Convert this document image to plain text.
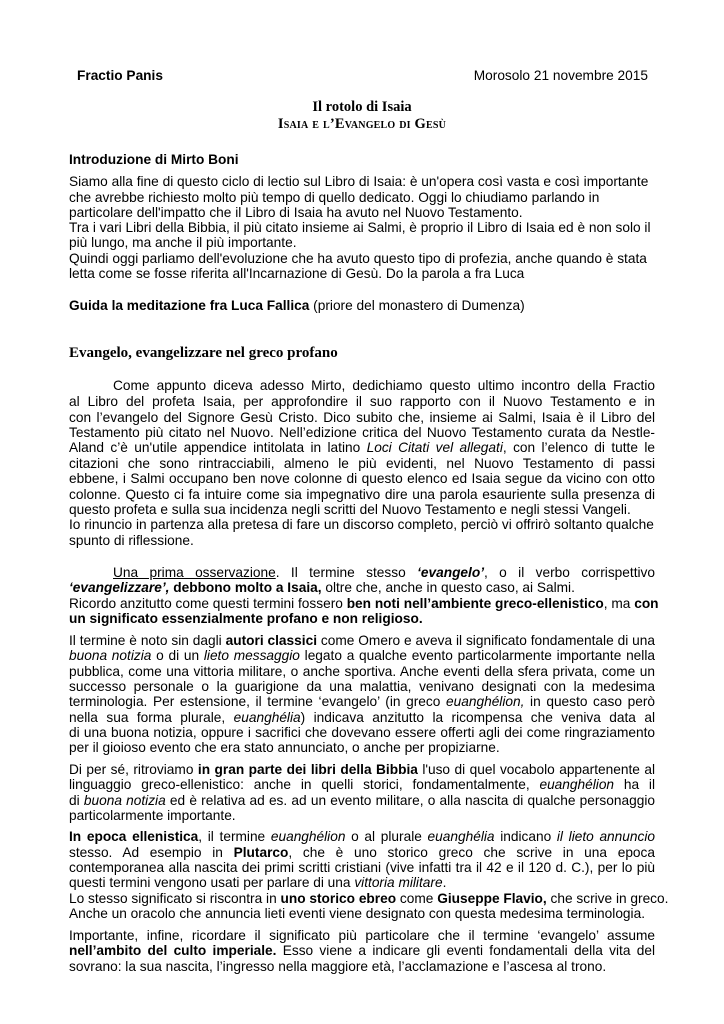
Fractio Panis	Morosolo 21 novembre 2015
Il rotolo di Isaia
Isaia e l’Evangelo di Gesù
Introduzione di Mirto Boni
Siamo alla fine di questo ciclo di lectio sul Libro di Isaia: è un'opera così vasta e così importante
che avrebbe richiesto molto più tempo di quello dedicato. Oggi lo chiudiamo parlando in
particolare dell'impatto che il Libro di Isaia ha avuto nel Nuovo Testamento.
Tra i vari Libri della Bibbia, il più citato insieme ai Salmi, è proprio il Libro di Isaia ed è non solo il
più lungo, ma anche il più importante.
Quindi oggi parliamo dell'evoluzione che ha avuto questo tipo di profezia, anche quando è stata
letta come se fosse riferita all'Incarnazione di Gesù. Do la parola a fra Luca
Guida la meditazione fra Luca Fallica (priore del monastero di Dumenza)
Evangelo, evangelizzare nel greco profano
Come appunto diceva adesso Mirto, dedichiamo questo ultimo incontro della Fractio
al Libro del profeta Isaia, per approfondire il suo rapporto con il Nuovo Testamento e in
con l’evangelo del Signore Gesù Cristo. Dico subito che, insieme ai Salmi, Isaia è il Libro del
Testamento più citato nel Nuovo. Nell’edizione critica del Nuovo Testamento curata da Nestle-
Aland c’è un'utile appendice intitolata in latino Loci Citati vel allegati, con l’elenco di tutte le
citazioni che sono rintracciabili, almeno le più evidenti, nel Nuovo Testamento di passi
ebbene, i Salmi occupano ben nove colonne di questo elenco ed Isaia segue da vicino con otto
colonne. Questo ci fa intuire come sia impegnativo dire una parola esauriente sulla presenza di
questo profeta e sulla sua incidenza negli scritti del Nuovo Testamento e negli stessi Vangeli.
Io rinuncio in partenza alla pretesa di fare un discorso completo, perciò vi offrirò soltanto qualche
spunto di riflessione.
Una prima osservazione. Il termine stesso ‘evangelo’, o il verbo corrispettivo
‘evangelizzare’, debbono molto a Isaia, oltre che, anche in questo caso, ai Salmi.
Ricordo anzitutto come questi termini fossero ben noti nell’ambiente greco-ellenistico, ma con
un significato essenzialmente profano e non religioso.
Il termine è noto sin dagli autori classici come Omero e aveva il significato fondamentale di una
buona notizia o di un lieto messaggio legato a qualche evento particolarmente importante nella
pubblica, come una vittoria militare, o anche sportiva. Anche eventi della sfera privata, come un
successo personale o la guarigione da una malattia, venivano designati con la medesima
terminologia. Per estensione, il termine ‘evangelo’ (in greco euanghélion, in questo caso però
nella sua forma plurale, euanghélia) indicava anzitutto la ricompensa che veniva data al
di una buona notizia, oppure i sacrifici che dovevano essere offerti agli dei come ringraziamento
per il gioioso evento che era stato annunciato, o anche per propiziarne.
Di per sé, ritroviamo in gran parte dei libri della Bibbia l'uso di quel vocabolo appartenente al
linguaggio greco-ellenistico: anche in quelli storici, fondamentalmente, euanghélion ha il
di buona notizia ed è relativa ad es. ad un evento militare, o alla nascita di qualche personaggio
particolarmente importante.
In epoca ellenistica, il termine euanghélion o al plurale euanghélia indicano il lieto annuncio
stesso. Ad esempio in Plutarco, che è uno storico greco che scrive in una epoca
contemporanea alla nascita dei primi scritti cristiani (vive infatti tra il 42 e il 120 d. C.), per lo più
questi termini vengono usati per parlare di una vittoria militare.
Lo stesso significato si riscontra in uno storico ebreo come Giuseppe Flavio, che scrive in greco.
Anche un oracolo che annuncia lieti eventi viene designato con questa medesima terminologia.
Importante, infine, ricordare il significato più particolare che il termine ‘evangelo’ assume
nell’ambito del culto imperiale. Esso viene a indicare gli eventi fondamentali della vita del
sovrano: la sua nascita, l’ingresso nella maggiore età, l’acclamazione e l’ascesa al trono.
